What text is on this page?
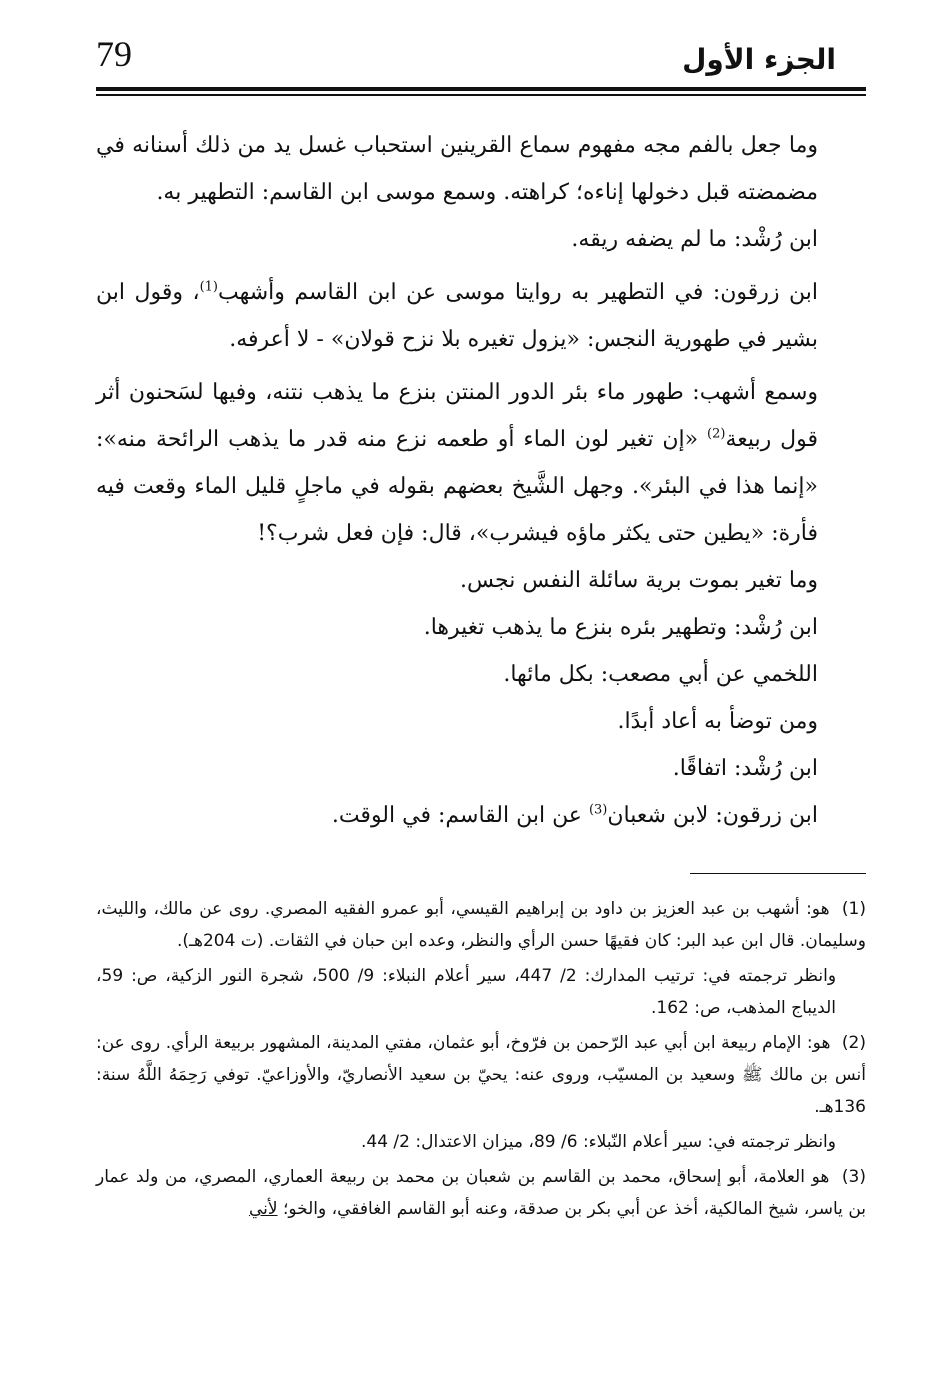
79	الجزء الأول

وما جعل بالفم مجه مفهوم سماع القرينين استحباب غسل يد من ذلك أسنانه في مضمضته قبل دخولها إناءه؛ كراهته. وسمع موسى ابن القاسم: التطهير به.

ابن رُشْد: ما لم يضفه ريقه.

ابن زرقون: في التطهير به روايتا موسى عن ابن القاسم وأشهب$^{(1)}$، وقول ابن بشير في طهورية النجس: «يزول تغيره بلا نزح قولان» - لا أعرفه.

وسمع أشهب: طهور ماء بئر الدور المنتن بنزع ما يذهب نتنه، وفيها لسَحنون أثر قول ربيعة$^{(2)}$ «إن تغير لون الماء أو طعمه نزع منه قدر ما يذهب الرائحة منه»: «إنما هذا في البئر». وجهل الشَّيخ بعضهم بقوله في ماجلٍ قليل الماء وقعت فيه فأرة: «يطين حتى يكثر ماؤه فيشرب»، قال: فإن فعل شرب؟!

وما تغير بموت برية سائلة النفس نجس.

ابن رُشْد: وتطهير بئره بنزع ما يذهب تغيرها.

اللخمي عن أبي مصعب: بكل مائها.

ومن توضأ به أعاد أبدًا.

ابن رُشْد: اتفاقًا.

ابن زرقون: لابن شعبان$^{(3)}$ عن ابن القاسم: في الوقت.

(1) هو: أشهب بن عبد العزيز بن داود بن إبراهيم القيسي، أبو عمرو الفقيه المصري. روى عن مالك، والليث، وسليمان. قال ابن عبد البر: كان فقيهًا حسن الرأي والنظر، وعده ابن حبان في الثقات. (ت 204هـ).

وانظر ترجمته في: ترتيب المدارك: 2/ 447، سير أعلام النبلاء: 9/ 500، شجرة النور الزكية، ص: 59، الديباج المذهب، ص: 162.

(2) هو: الإمام ربيعة ابن أبي عبد الرّحمن بن فرّوخ، أبو عثمان، مفتي المدينة، المشهور بربيعة الرأي. روى عن: أنس بن مالك ﷺ وسعيد بن المسيّب، وروى عنه: يحيّ بن سعيد الأنصاريّ، والأوزاعيّ. توفي رَحِمَهُ اللَّهُ سنة: 136هـ.

وانظر ترجمته في: سير أعلام النّبلاء: 6/ 89، ميزان الاعتدال: 2/ 44.

(3) هو العلامة، أبو إسحاق، محمد بن القاسم بن شعبان بن محمد بن ربيعة العماري، المصري، من ولد عمار بن ياسر، شيخ المالكية، أخذ عن أبي بكر بن صدقة، وعنه أبو القاسم الغافقي، والخو؛ لأني
